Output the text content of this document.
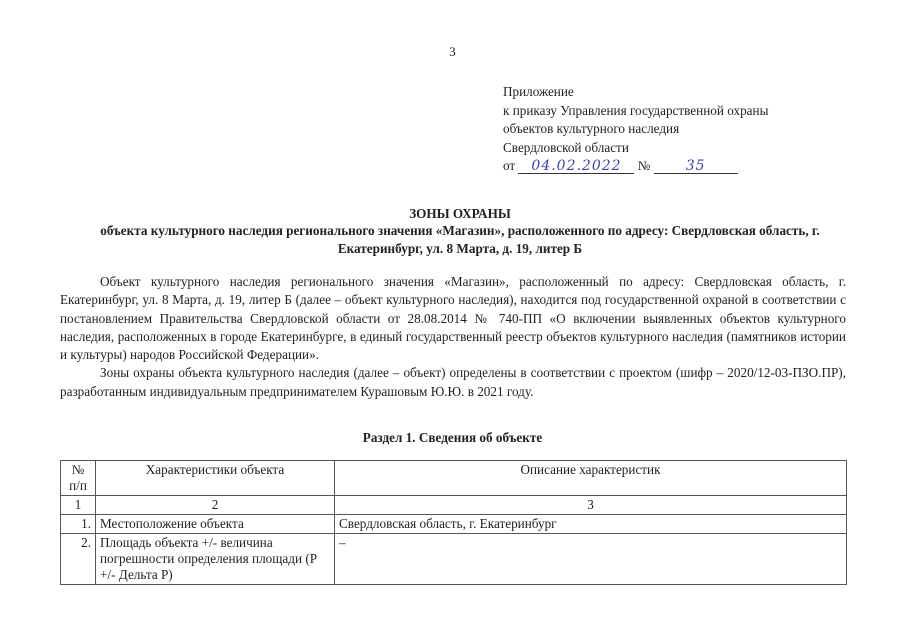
3
Приложение
к приказу Управления государственной охраны
объектов культурного наследия
Свердловской области
от 04.02.2022 №	35
ЗОНЫ ОХРАНЫ
объекта культурного наследия регионального значения «Магазин», расположенного по адресу: Свердловская область, г. Екатеринбург, ул. 8 Марта, д. 19, литер Б

Объект культурного наследия регионального значения «Магазин», расположенный по адресу: Свердловская область, г. Екатеринбург, ул. 8 Марта, д. 19, литер Б (далее – объект культурного наследия), находится под государственной охраной в соответствии с постановлением Правительства Свердловской области от 28.08.2014 № 740-ПП «О включении выявленных объектов культурного наследия, расположенных в городе Екатеринбурге, в единый государственный реестр объектов культурного наследия (памятников истории и культуры) народов Российской Федерации».

Зоны охраны объекта культурного наследия (далее – объект) определены в соответствии с проектом (шифр – 2020/12-03-ПЗО.ПР), разработанным индивидуальным предпринимателем Курашовым Ю.Ю. в 2021 году.

Раздел 1. Сведения об объекте
№ п/п	Характеристики объекта	Описание характеристик
1	2	3
1.	Местоположение объекта	Свердловская область, г. Екатеринбург
2.	Площадь объекта +/- величина погрешности определения площади (P +/- Дельта P)	–
